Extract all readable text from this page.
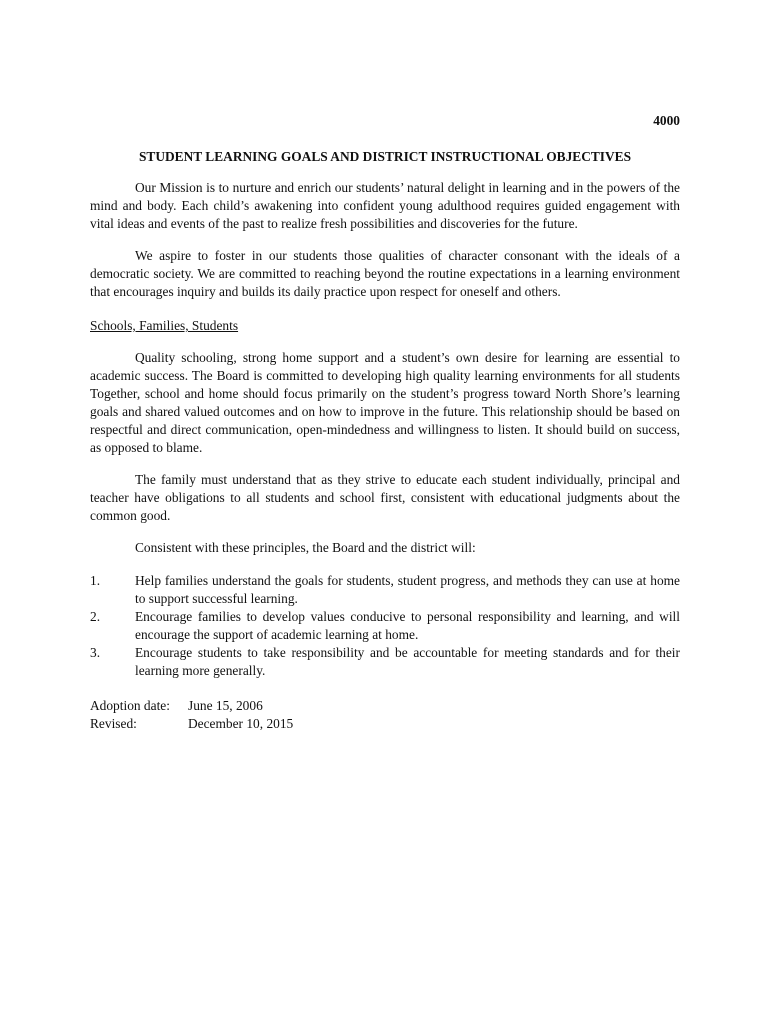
4000

STUDENT LEARNING GOALS AND DISTRICT INSTRUCTIONAL OBJECTIVES

Our Mission is to nurture and enrich our students’ natural delight in learning and in the powers of the mind and body. Each child’s awakening into confident young adulthood requires guided engagement with vital ideas and events of the past to realize fresh possibilities and discoveries for the future.

We aspire to foster in our students those qualities of character consonant with the ideals of a democratic society. We are committed to reaching beyond the routine expectations in a learning environment that encourages inquiry and builds its daily practice upon respect for oneself and others.

Schools, Families, Students

Quality schooling, strong home support and a student’s own desire for learning are essential to academic success. The Board is committed to developing high quality learning environments for all students Together, school and home should focus primarily on the student’s progress toward North Shore’s learning goals and shared valued outcomes and on how to improve in the future. This relationship should be based on respectful and direct communication, open-mindedness and willingness to listen. It should build on success, as opposed to blame.

The family must understand that as they strive to educate each student individually, principal and teacher have obligations to all students and school first, consistent with educational judgments about the common good.

Consistent with these principles, the Board and the district will:

1.	Help families understand the goals for students, student progress, and methods they can use at home to support successful learning.
2.	Encourage families to develop values conducive to personal responsibility and learning, and will encourage the support of academic learning at home.
3.	Encourage students to take responsibility and be accountable for meeting standards and for their learning more generally.
Adoption date:	June 15, 2006
Revised:	December 10, 2015
